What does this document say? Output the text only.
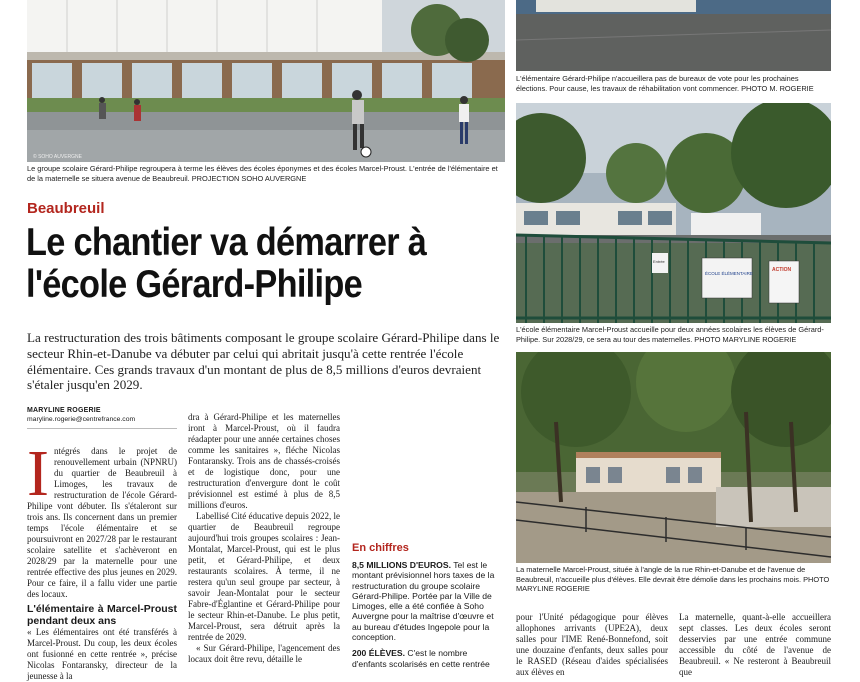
© SOHO AUVERGNE
Le groupe scolaire Gérard-Philipe regroupera à terme les élèves des écoles éponymes et des écoles Marcel-Proust. L'entrée de l'élémentaire et de la maternelle se situera avenue de Beaubreuil. PROJECTION SOHO AUVERGNE
L'élémentaire Gérard-Philipe n'accueillera pas de bureaux de vote pour les prochaines élections. Pour cause, les travaux de réhabilitation vont commencer. PHOTO M. ROGERIE
ÉCOLE ÉLÉMENTAIRE
Entrée
ACTION
L'école élémentaire Marcel-Proust accueille pour deux années scolaires les élèves de Gérard-Philipe. Sur 2028/29, ce sera au tour des maternelles. PHOTO MARYLINE ROGERIE
La maternelle Marcel-Proust, située à l'angle de la rue Rhin-et-Danube et de l'avenue de Beaubreuil, n'accueille plus d'élèves. Elle devrait être démolie dans les prochains mois. PHOTO MARYLINE ROGERIE
Beaubreuil
Le chantier va démarrer à l'école Gérard-Philipe
La restructuration des trois bâtiments composant le groupe scolaire Gérard-Philipe dans le secteur Rhin-et-Danube va débuter par celui qui abritait jusqu'à cette rentrée l'école élémentaire. Ces grands travaux d'un montant de plus de 8,5 millions d'euros devraient s'étaler jusqu'en 2029.
MARYLINE ROGERIE
maryline.rogerie@centrefrance.com
I ntégrés dans le projet de renouvellement urbain (NPNRU) du quartier de Beaubreuil à Limoges, les travaux de restructuration de l'école Gérard-Philipe vont débuter. Ils s'étaleront sur trois ans. Ils concernent dans un premier temps l'école élémentaire et se poursuivront en 2027/28 par le restaurant scolaire satellite et s'achèveront en 2028/29 par la maternelle pour une rentrée effective des plus jeunes en 2029. Pour ce faire, il a fallu vider une partie des locaux.

L'élémentaire à Marcel-Proust pendant deux ans

« Les élémentaires ont été transférés à Marcel-Proust. Du coup, les deux écoles ont fusionné en cette rentrée », précise Nicolas Fontaransky, directeur de la jeunesse à la

dra à Gérard-Philipe et les maternelles iront à Marcel-Proust, où il faudra réadapter pour une année certaines choses comme les sanitaires », fléche Nicolas Fontaransky. Trois ans de chassés-croisés et de logistique donc, pour une restructuration d'envergure dont le coût prévisionnel est estimé à plus de 8,5 millions d'euros.

Labellisé Cité éducative depuis 2022, le quartier de Beaubreuil regroupe aujourd'hui trois groupes scolaires : Jean-Montalat, Marcel-Proust, qui est le plus petit, et Gérard-Philipe, et deux restaurants scolaires. À terme, il ne restera qu'un seul groupe par secteur, à savoir Jean-Montalat pour le secteur Fabre-d'Églantine et Gérard-Philipe pour le secteur Rhin-et-Danube. Le plus petit, Marcel-Proust, sera détruit après la rentrée de 2029.

« Sur Gérard-Philipe, l'agencement des locaux doit être revu, détaille le

En chiffres

8,5 MILLIONS D'EUROS. Tel est le montant prévisionnel hors taxes de la restructuration du groupe scolaire Gérard-Philipe. Portée par la Ville de Limoges, elle a été confiée à Soho Auvergne pour la maîtrise d'œuvre et au bureau d'études Ingepole pour la conception.

200 ÉLÈVES. C'est le nombre d'enfants scolarisés en cette rentrée

pour l'Unité pédagogique pour élèves allophones arrivants (UPE2A), deux salles pour l'IME René-Bonnefond, soit une douzaine d'enfants, deux salles pour le RASED (Réseau d'aides spécialisées aux élèves en
La maternelle, quant-à-elle accueillera sept classes. Les deux écoles seront desservies par une entrée commune accessible du côté de l'avenue de Beaubreuil. « Ne resteront à Beaubreuil que
